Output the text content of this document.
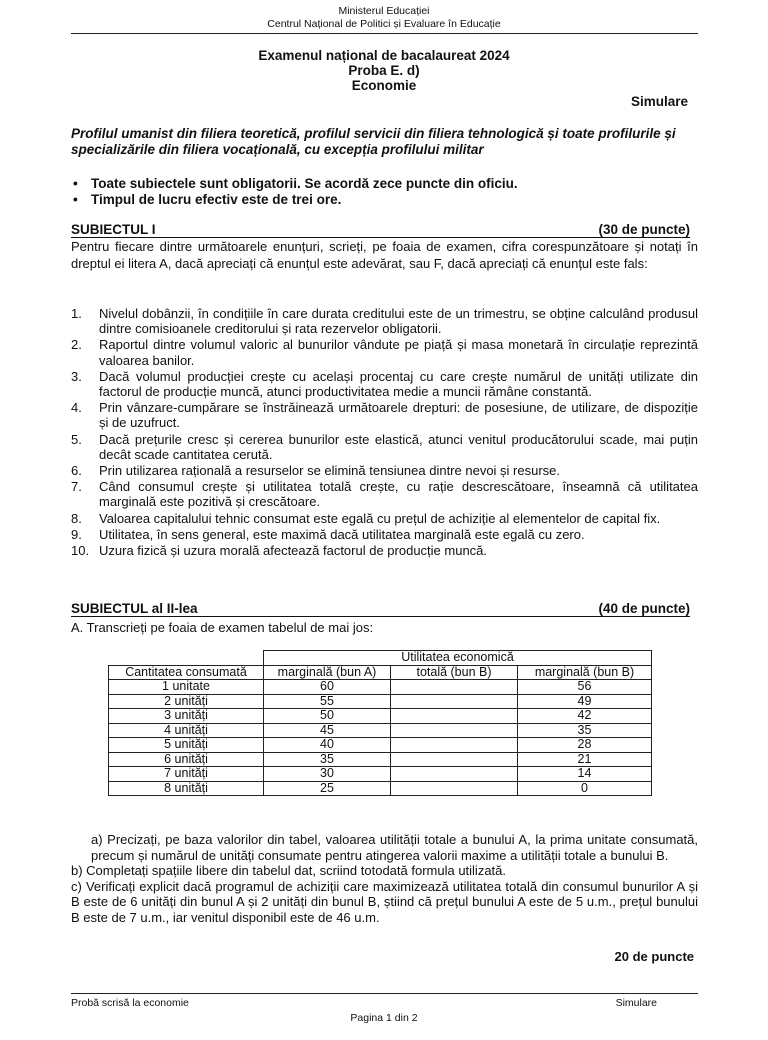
Ministerul Educației
Centrul Național de Politici și Evaluare în Educație
Examenul național de bacalaureat 2024
Proba E. d)
Economie
Simulare
Profilul umanist din filiera teoretică, profilul servicii din filiera tehnologică și toate profilurile și specializările din filiera vocațională, cu excepția profilului militar
• Toate subiectele sunt obligatorii. Se acordă zece puncte din oficiu.
• Timpul de lucru efectiv este de trei ore.
SUBIECTUL I	(30 de puncte)
Pentru fiecare dintre următoarele enunțuri, scrieți, pe foaia de examen, cifra corespunzătoare și notați în dreptul ei litera A, dacă apreciați că enunțul este adevărat, sau F, dacă apreciați că enunțul este fals:
1. Nivelul dobânzii, în condițiile în care durata creditului este de un trimestru, se obține calculând produsul dintre comisioanele creditorului și rata rezervelor obligatorii.
2. Raportul dintre volumul valoric al bunurilor vândute pe piață și masa monetară în circulație reprezintă valoarea banilor.
3. Dacă volumul producției crește cu același procentaj cu care crește numărul de unități utilizate din factorul de producție muncă, atunci productivitatea medie a muncii rămâne constantă.
4. Prin vânzare-cumpărare se înstrăinează următoarele drepturi: de posesiune, de utilizare, de dispoziție și de uzufruct.
5. Dacă prețurile cresc și cererea bunurilor este elastică, atunci venitul producătorului scade, mai puțin decât scade cantitatea cerută.
6. Prin utilizarea rațională a resurselor se elimină tensiunea dintre nevoi și resurse.
7. Când consumul crește și utilitatea totală crește, cu rație descrescătoare, înseamnă că utilitatea marginală este pozitivă și crescătoare.
8. Valoarea capitalului tehnic consumat este egală cu prețul de achiziție al elementelor de capital fix.
9. Utilitatea, în sens general, este maximă dacă utilitatea marginală este egală cu zero.
10. Uzura fizică și uzura morală afectează factorul de producție muncă.
SUBIECTUL al II-lea	(40 de puncte)
A. Transcrieți pe foaia de examen tabelul de mai jos:
	Utilitatea economică		
Cantitatea consumată	marginală (bun A)	totală (bun B)	marginală (bun B)
1 unitate	60		56
2 unități	55		49
3 unități	50		42
4 unități	45		35
5 unități	40		28
6 unități	35		21
7 unități	30		14
8 unități	25		0

a) Precizați, pe baza valorilor din tabel, valoarea utilității totale a bunului A, la prima unitate consumată, precum și numărul de unități consumate pentru atingerea valorii maxime a utilității totale a bunului B.

b) Completați spațiile libere din tabelul dat, scriind totodată formula utilizată.

c) Verificați explicit dacă programul de achiziții care maximizează utilitatea totală din consumul bunurilor A și B este de 6 unități din bunul A și 2 unități din bunul B, știind că prețul bunului A este de 5 u.m., prețul bunului B este de 7 u.m., iar venitul disponibil este de 46 u.m.

20 de puncte
Probă scrisă la economie	Simulare
Pagina 1 din 2
